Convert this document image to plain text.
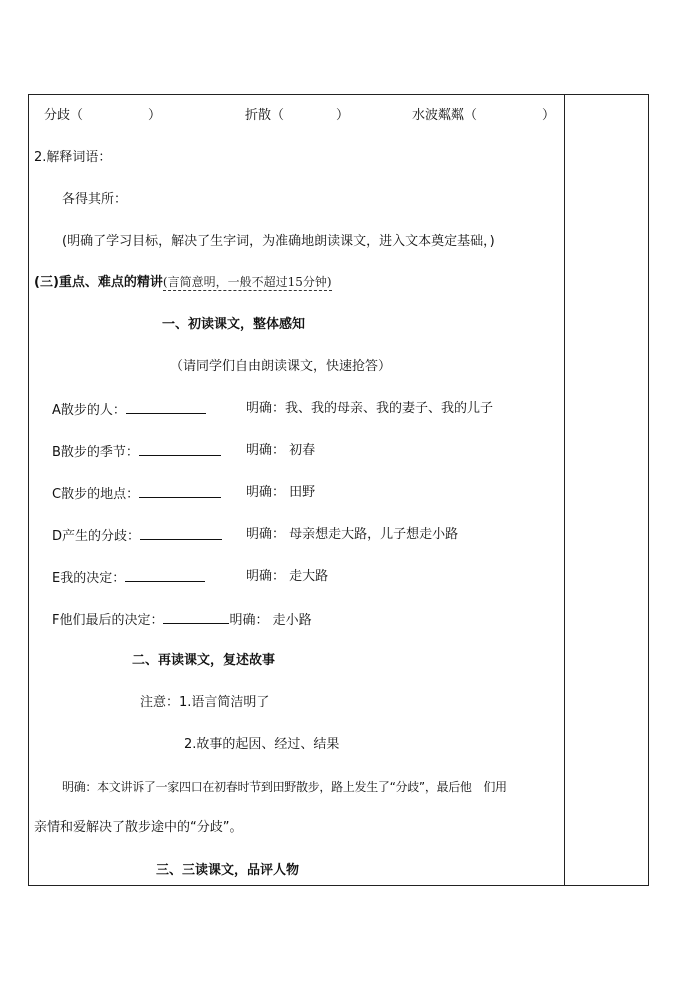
分歧（　　　　　）	折散（　　　　）	水波粼粼（　　　　　）
2.解释词语：
各得其所：
(明确了学习目标，解决了生字词，为准确地朗读课文，进入文本奠定基础，)
(三)重点、难点的精讲(言简意明，一般不超过15分钟)
一、初读课文，整体感知
（请同学们自由朗读课文，快速抢答）
A散步的人：	明确：我、我的母亲、我的妻子、我的儿子
B散步的季节：	明确： 初春
C散步的地点：	明确： 田野
D产生的分歧：	明确： 母亲想走大路，儿子想走小路
E我的决定：	明确： 走大路
F他们最后的决定：	明确： 走小路
二、再读课文，复述故事
注意：1.语言简洁明了
2.故事的起因、经过、结果
明确：本文讲诉了一家四口在初春时节到田野散步，路上发生了“分歧”，最后他　们用
亲情和爱解决了散步途中的“分歧”。
三、三读课文，品评人物
